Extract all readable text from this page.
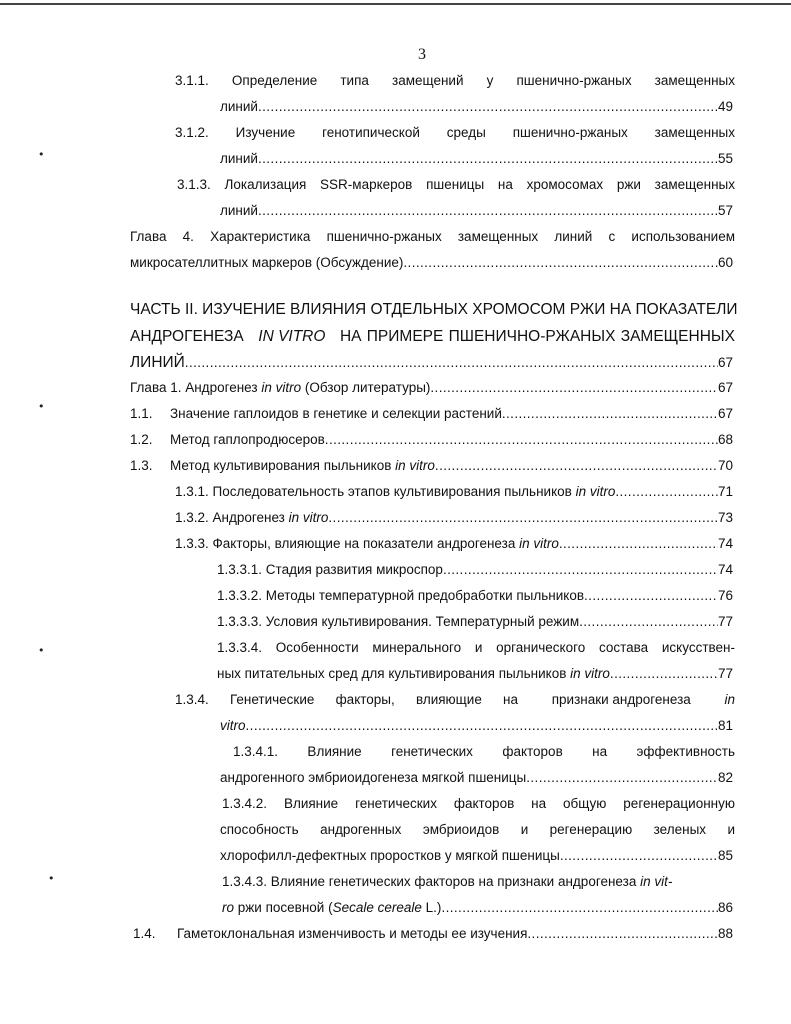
3
•
•
•
•
3.1.1. Определение типа замещений у пшенично-ржаных замещенных
линий .....	49
3.1.2. Изучение генотипической среды пшенично-ржаных замещенных
линий .....	55
3.1.3. Локализация SSR-маркеров пшеницы на хромосомах ржи замещенных
линий .....	57
Глава 4. Характеристика пшенично-ржаных замещенных линий с использованием
микросателлитных маркеров (Обсуждение) .....	60
ЧАСТЬ II. ИЗУЧЕНИЕ ВЛИЯНИЯ ОТДЕЛЬНЫХ ХРОМОСОМ РЖИ НА ПОКАЗАТЕЛИ
АНДРОГЕНЕЗА IN VITRO НА ПРИМЕРЕ ПШЕНИЧНО-РЖАНЫХ ЗАМЕЩЕННЫХ
ЛИНИЙ .....	67
Глава 1. Андрогенез in vitro (Обзор литературы) .....	67
1.1. Значение гаплоидов в генетике и селекции растений .....	67
1.2. Метод гаплопродюсеров .....	68
1.3. Метод культивирования пыльников in vitro .....	70
1.3.1. Последовательность этапов культивирования пыльников in vitro .....	71
1.3.2. Андрогенез in vitro .....	73
1.3.3. Факторы, влияющие на показатели андрогенеза in vitro .....	74
1.3.3.1. Стадия развития микроспор .....	74
1.3.3.2. Методы температурной предобработки пыльников .....	76
1.3.3.3. Условия культивирования. Температурный режим .....	77
1.3.3.4. Особенности минерального и органического состава искусствен-
ных питательных сред для культивирования пыльников in vitro .....	77
1.3.4. Генетические факторы, влияющие на признаки андрогенеза in
vitro .....	81
1.3.4.1. Влияние генетических факторов на эффективность
андрогенного эмбриоидогенеза мягкой пшеницы .....	82
1.3.4.2. Влияние генетических факторов на общую регенерационную
способность андрогенных эмбриоидов и регенерацию зеленых и
хлорофилл-дефектных проростков у мягкой пшеницы .....	85
1.3.4.3. Влияние генетических факторов на признаки андрогенеза in vit-
ro ржи посевной (Secale cereale L.) .....	86
1.4. Гаметоклональная изменчивость и методы ее изучения .....	88
